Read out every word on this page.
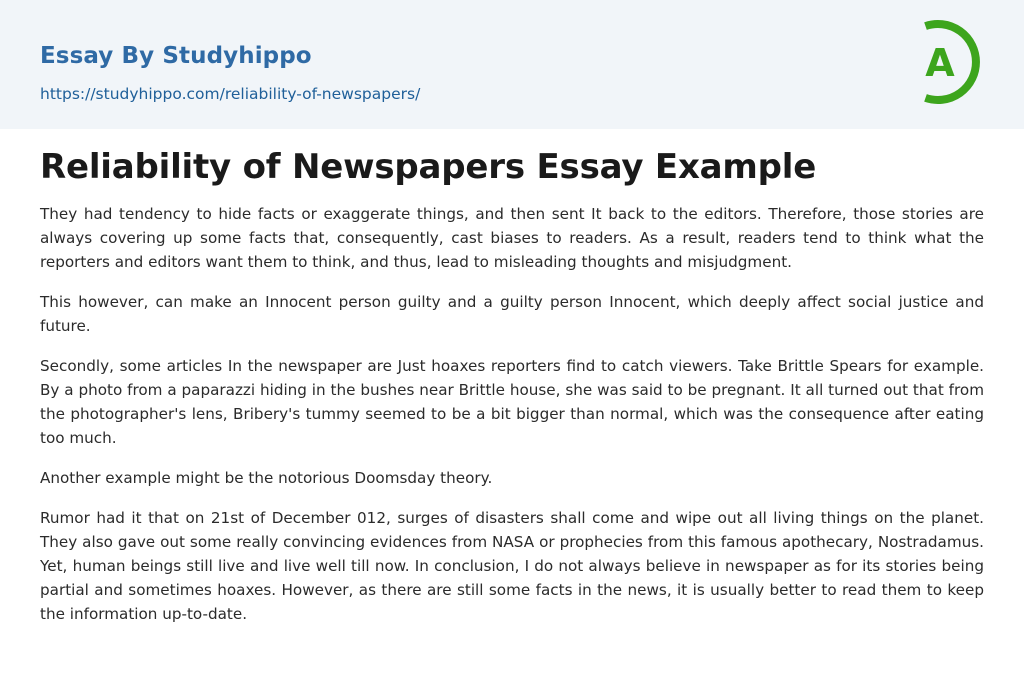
Essay By Studyhippo
https://studyhippo.com/reliability-of-newspapers/
A
Reliability of Newspapers Essay Example

They had tendency to hide facts or exaggerate things, and then sent It back to the editors. Therefore, those stories are always covering up some facts that, consequently, cast biases to readers. As a result, readers tend to think what the reporters and editors want them to think, and thus, lead to misleading thoughts and misjudgment.

This however, can make an Innocent person guilty and a guilty person Innocent, which deeply affect social justice and future.

Secondly, some articles In the newspaper are Just hoaxes reporters find to catch viewers. Take Brittle Spears for example. By a photo from a paparazzi hiding in the bushes near Brittle house, she was said to be pregnant. It all turned out that from the photographer's lens, Bribery's tummy seemed to be a bit bigger than normal, which was the consequence after eating too much.

Another example might be the notorious Doomsday theory.

Rumor had it that on 21st of December 012, surges of disasters shall come and wipe out all living things on the planet. They also gave out some really convincing evidences from NASA or prophecies from this famous apothecary, Nostradamus. Yet, human beings still live and live well till now. In conclusion, I do not always believe in newspaper as for its stories being partial and sometimes hoaxes. However, as there are still some facts in the news, it is usually better to read them to keep the information up-to-date.
